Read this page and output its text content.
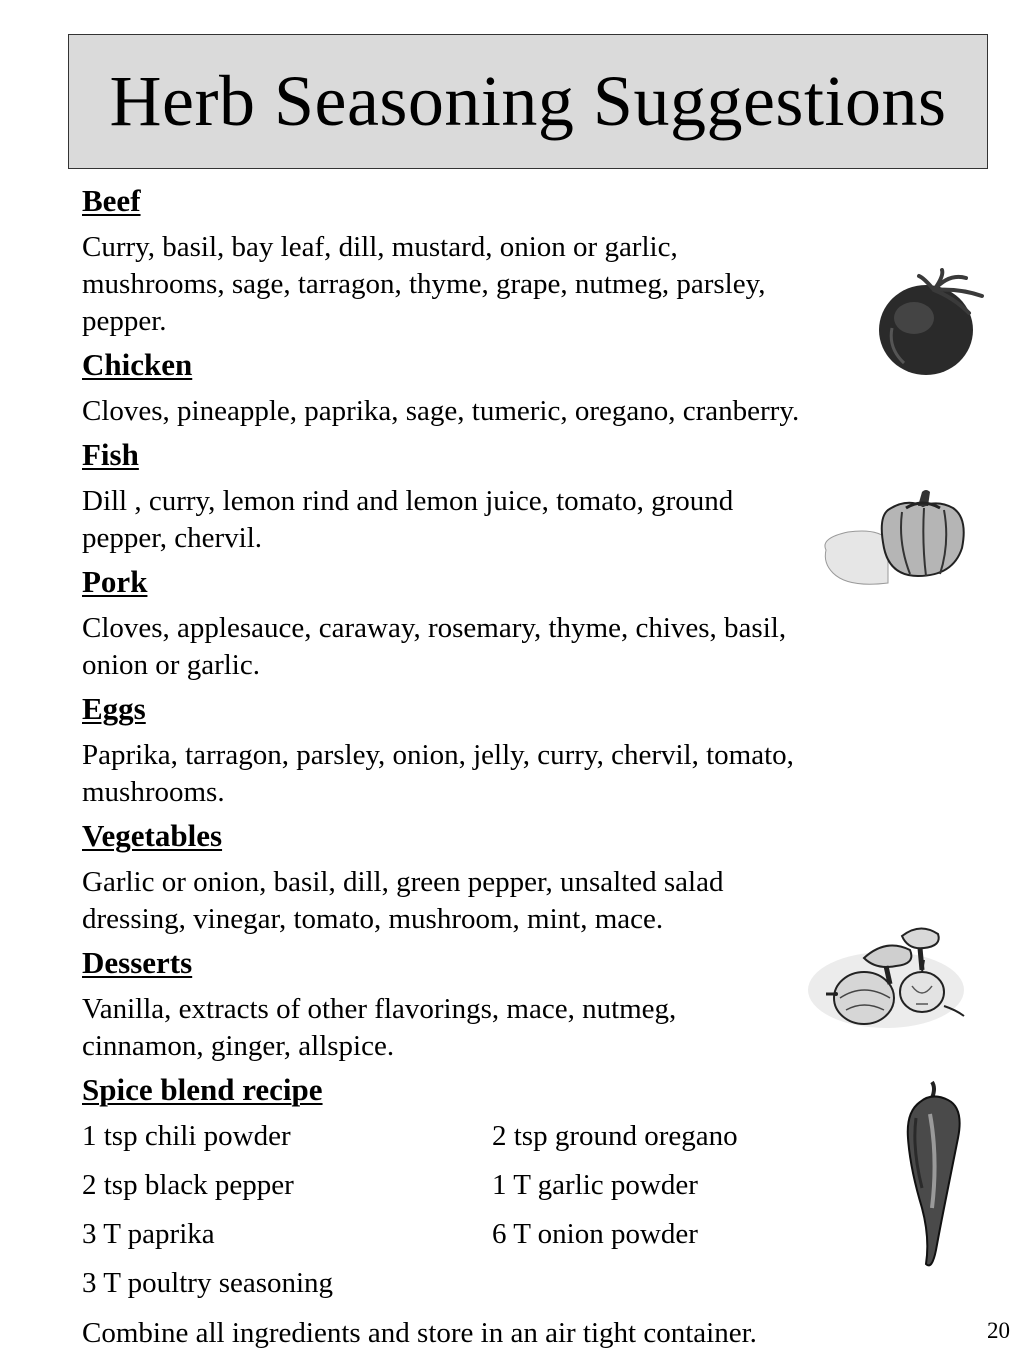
Herb Seasoning Suggestions

Beef

Curry, basil, bay leaf, dill, mustard, onion or garlic,

mushrooms, sage, tarragon, thyme, grape, nutmeg, parsley,

pepper.

Chicken

Cloves, pineapple, paprika, sage, tumeric, oregano, cranberry.

Fish

Dill , curry, lemon rind and lemon juice, tomato, ground

pepper, chervil.

Pork

Cloves, applesauce, caraway, rosemary, thyme, chives, basil,

onion or garlic.

Eggs

Paprika, tarragon, parsley, onion, jelly, curry, chervil, tomato,

mushrooms.

Vegetables

Garlic or onion, basil, dill, green pepper, unsalted salad

dressing, vinegar, tomato, mushroom, mint, mace.

Desserts

Vanilla, extracts of other flavorings, mace, nutmeg,

cinnamon, ginger, allspice.

Spice blend recipe

1 tsp chili powder

2 tsp black pepper

3 T paprika

3 T poultry seasoning

2 tsp ground oregano

1 T garlic powder

6 T onion powder

Combine all ingredients and store in an air tight container.	20
